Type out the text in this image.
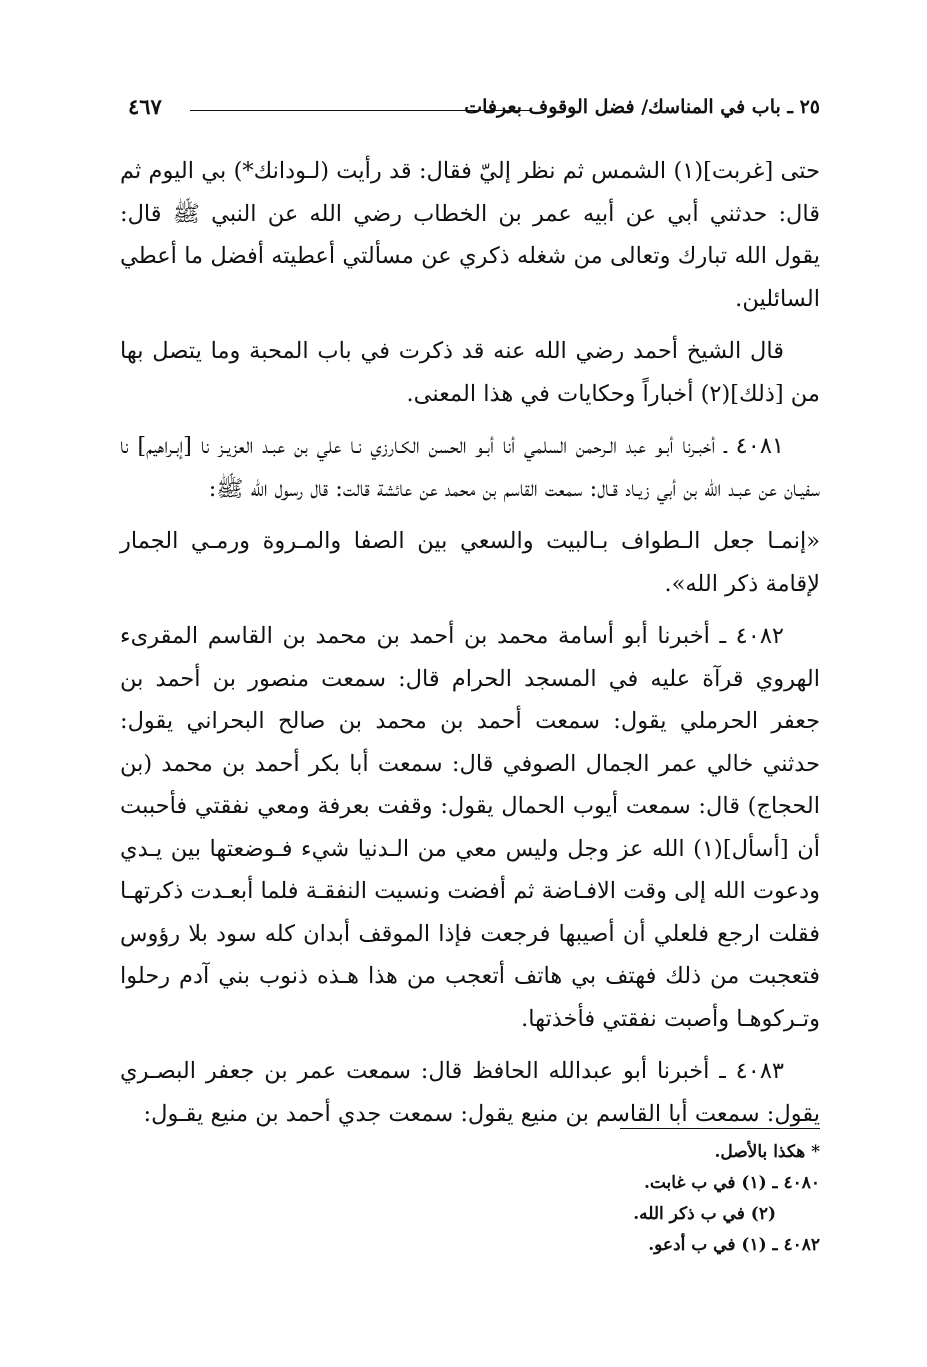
٢٥ ـ باب في المناسك/ فضل الوقوف بعرفات
٤٦٧

حتى [غربت](١) الشمس ثم نظر إليّ فقال: قد رأيت (لـودانك*) بي اليوم ثم قال: حدثني أبي عن أبيه عمر بن الخطاب رضي الله عن النبي ﷺ قال: يقول الله تبارك وتعالى من شغله ذكري عن مسألتي أعطيته أفضل ما أعطي السائلين.

قال الشيخ أحمد رضي الله عنه قد ذكرت في باب المحبة وما يتصل بها من [ذلك](٢) أخباراً وحكايات في هذا المعنى.

٤٠٨١ ـ أخبـرنا أبـو عبد الـرحمن السلمي أنا أبـو الحسن الكـارزي نـا علي بن عبـد العزيـز نا [إبـراهيم] نا سفيـان عن عبـد الله بن أبي زيـاد قـال: سمعت القاسم بن محمد عن عائشة قالت: قال رسول الله ﷺ:

«إنمـا جعل الـطواف بـالبيت والسعي بين الصفا والمـروة ورمـي الجمار لإقامة ذكر الله».

٤٠٨٢ ـ أخبرنا أبو أسامة محمد بن أحمد بن محمد بن القاسم المقرىء الهروي قرآة عليه في المسجد الحرام قال: سمعت منصور بن أحمد بن جعفر الحرملي يقول: سمعت أحمد بن محمد بن صالح البحراني يقول: حدثني خالي عمر الجمال الصوفي قال: سمعت أبا بكر أحمد بن محمد (بن الحجاج) قال: سمعت أيوب الحمال يقول: وقفت بعرفة ومعي نفقتي فأحببت أن [أسأل](١) الله عز وجل وليس معي من الـدنيا شيء فـوضعتها بين يـدي ودعوت الله إلى وقت الافـاضة ثم أفضت ونسيت النفقـة فلما أبعـدت ذكرتهـا فقلت ارجع فلعلي أن أصيبها فرجعت فإذا الموقف أبدان كله سود بلا رؤوس فتعجبت من ذلك فهتف بي هاتف أتعجب من هذا هـذه ذنوب بني آدم رحلوا وتـركوهـا وأصبت نفقتي فأخذتها.

٤٠٨٣ ـ أخبرنا أبو عبدالله الحافظ قال: سمعت عمر بن جعفر البصـري يقول: سمعت أبا القاسم بن منيع يقول: سمعت جدي أحمد بن منيع يقـول:

* هكذا بالأصل.
٤٠٨٠ ـ (١) في ب غابت.
(٢) في ب ذكر الله.
٤٠٨٢ ـ (١) في ب أدعو.
